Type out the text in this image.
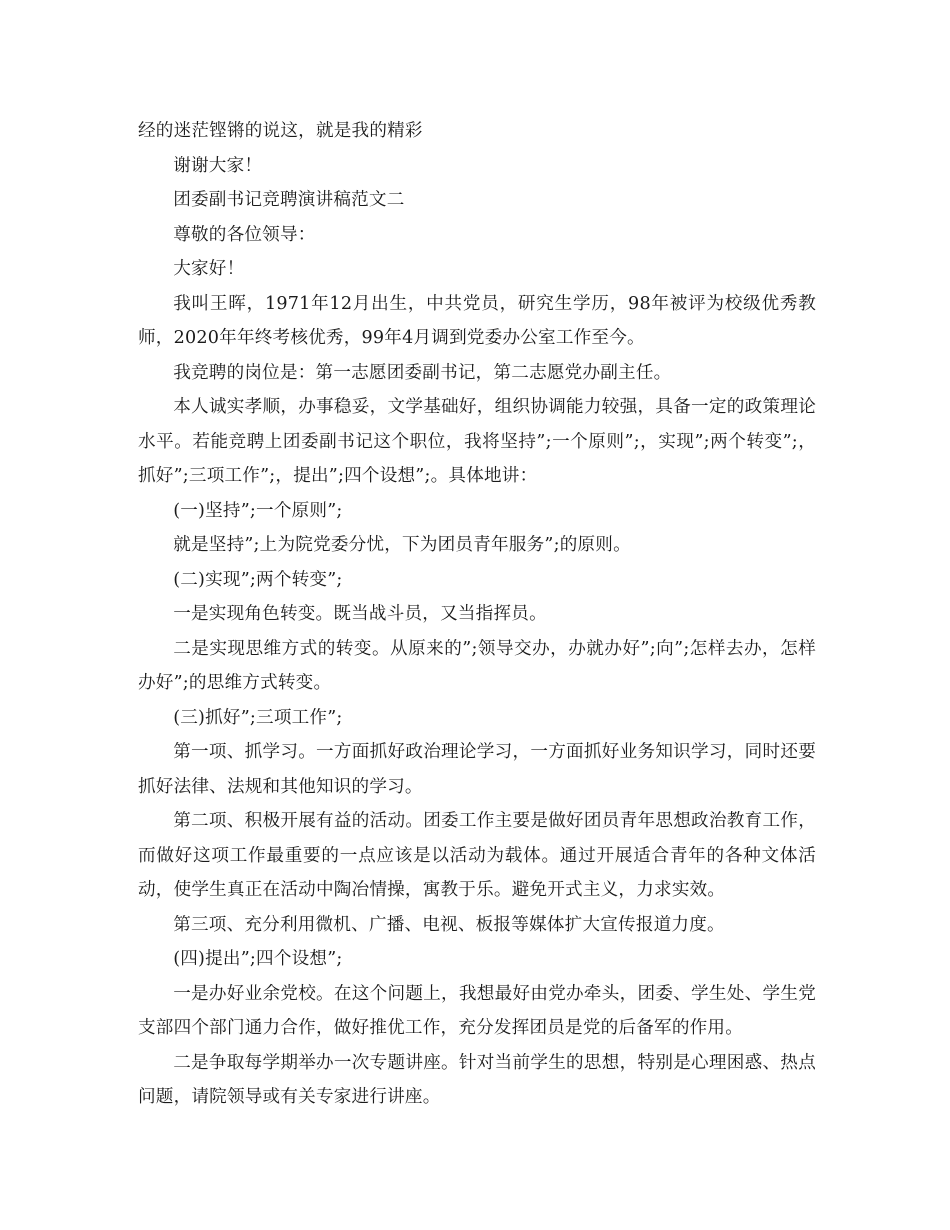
经的迷茫铿锵的说这，就是我的精彩

谢谢大家！

团委副书记竞聘演讲稿范文二

尊敬的各位领导：

大家好！

我叫王晖，1971年12月出生，中共党员，研究生学历，98年被评为校级优秀教师，2020年年终考核优秀，99年4月调到党委办公室工作至今。

我竞聘的岗位是：第一志愿团委副书记，第二志愿党办副主任。

本人诚实孝顺，办事稳妥，文学基础好，组织协调能力较强，具备一定的政策理论水平。若能竞聘上团委副书记这个职位，我将坚持”;一个原则”;，实现”;两个转变”;，抓好”;三项工作”;，提出”;四个设想”;。具体地讲：

(一)坚持”;一个原则”;

就是坚持”;上为院党委分忧，下为团员青年服务”;的原则。

(二)实现”;两个转变”;

一是实现角色转变。既当战斗员，又当指挥员。

二是实现思维方式的转变。从原来的”;领导交办，办就办好”;向”;怎样去办，怎样办好”;的思维方式转变。

(三)抓好”;三项工作”;

第一项、抓学习。一方面抓好政治理论学习，一方面抓好业务知识学习，同时还要抓好法律、法规和其他知识的学习。

第二项、积极开展有益的活动。团委工作主要是做好团员青年思想政治教育工作，而做好这项工作最重要的一点应该是以活动为载体。通过开展适合青年的各种文体活动，使学生真正在活动中陶冶情操，寓教于乐。避免开式主义，力求实效。

第三项、充分利用微机、广播、电视、板报等媒体扩大宣传报道力度。

(四)提出”;四个设想”;

一是办好业余党校。在这个问题上，我想最好由党办牵头，团委、学生处、学生党支部四个部门通力合作，做好推优工作，充分发挥团员是党的后备军的作用。

二是争取每学期举办一次专题讲座。针对当前学生的思想，特别是心理困惑、热点问题，请院领导或有关专家进行讲座。
